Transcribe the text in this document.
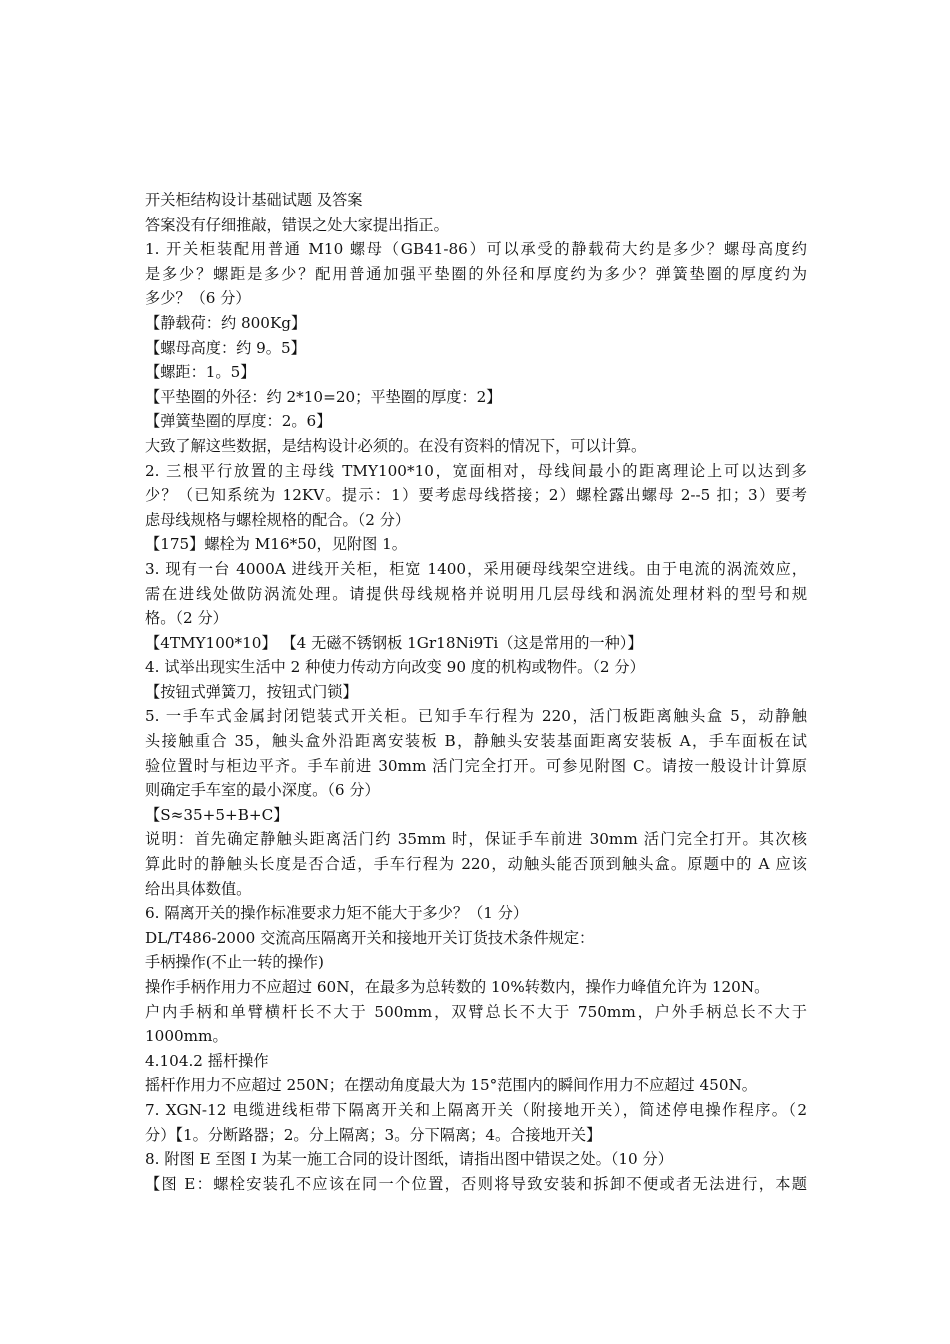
开关柜结构设计基础试题 及答案
答案没有仔细推敲，错误之处大家提出指正。
1. 开关柜装配用普通 M10 螺母（GB41-86）可以承受的静载荷大约是多少？螺母高度约
是多少？螺距是多少？配用普通加强平垫圈的外径和厚度约为多少？弹簧垫圈的厚度约为
多少？（6 分）
【静载荷：约 800Kg】
【螺母高度：约 9。5】
【螺距：1。5】
【平垫圈的外径：约 2*10=20；平垫圈的厚度：2】
【弹簧垫圈的厚度：2。6】
大致了解这些数据，是结构设计必须的。在没有资料的情况下，可以计算。
2. 三根平行放置的主母线 TMY100*10，宽面相对，母线间最小的距离理论上可以达到多
少？（已知系统为 12KV。提示：1）要考虑母线搭接；2）螺栓露出螺母 2--5 扣；3）要考
虑母线规格与螺栓规格的配合。（2 分）
【175】螺栓为 M16*50，见附图 1。
3. 现有一台 4000A 进线开关柜，柜宽 1400，采用硬母线架空进线。由于电流的涡流效应，
需在进线处做防涡流处理。请提供母线规格并说明用几层母线和涡流处理材料的型号和规
格。（2 分）
【4TMY100*10】 【4 无磁不锈钢板 1Gr18Ni9Ti（这是常用的一种）】
4. 试举出现实生活中 2 种使力传动方向改变 90 度的机构或物件。（2 分）
【按钮式弹簧刀，按钮式门锁】
5. 一手车式金属封闭铠装式开关柜。已知手车行程为 220，活门板距离触头盒 5，动静触
头接触重合 35，触头盒外沿距离安装板 B，静触头安装基面距离安装板 A，手车面板在试
验位置时与柜边平齐。手车前进 30mm 活门完全打开。可参见附图 C。请按一般设计计算原
则确定手车室的最小深度。（6 分）
【S≈35+5+B+C】
说明：首先确定静触头距离活门约 35mm 时，保证手车前进 30mm 活门完全打开。其次核
算此时的静触头长度是否合适，手车行程为 220，动触头能否顶到触头盒。原题中的 A 应该
给出具体数值。
6. 隔离开关的操作标准要求力矩不能大于多少？（1 分）
DL/T486-2000 交流高压隔离开关和接地开关订货技术条件规定：
手柄操作(不止一转的操作)
操作手柄作用力不应超过 60N，在最多为总转数的 10%转数内，操作力峰值允许为 120N。
户内手柄和单臂横杆长不大于 500mm，双臂总长不大于 750mm，户外手柄总长不大于
1000mm。
4.104.2 摇杆操作
摇杆作用力不应超过 250N；在摆动角度最大为 15°范围内的瞬间作用力不应超过 450N。
7. XGN-12 电缆进线柜带下隔离开关和上隔离开关（附接地开关），简述停电操作程序。（2
分）【1。分断路器；2。分上隔离；3。分下隔离；4。合接地开关】
8. 附图 E 至图 I 为某一施工合同的设计图纸，请指出图中错误之处。（10 分）
【图 E：螺栓安装孔不应该在同一个位置，否则将导致安装和拆卸不便或者无法进行，本题
